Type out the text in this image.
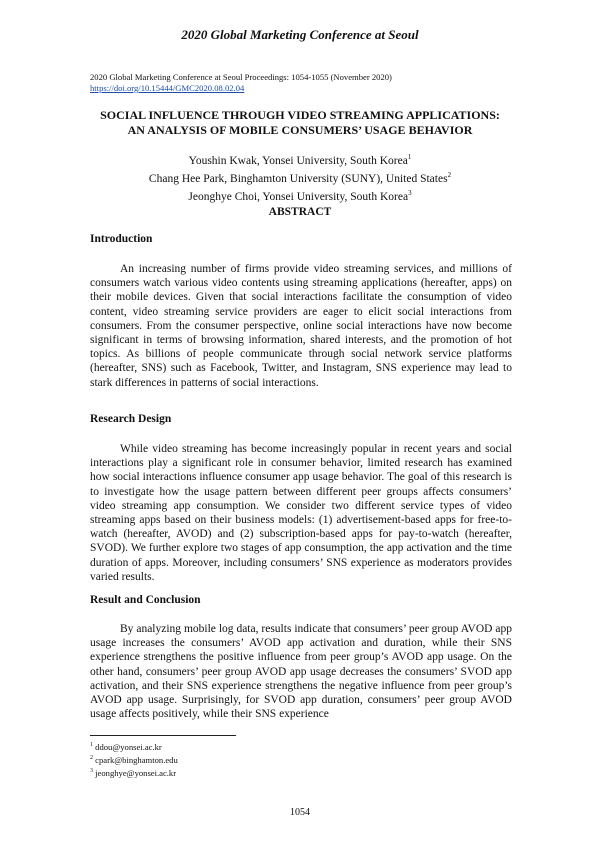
2020 Global Marketing Conference at Seoul
2020 Global Marketing Conference at Seoul Proceedings: 1054-1055 (November 2020)
https://doi.org/10.15444/GMC2020.08.02.04
SOCIAL INFLUENCE THROUGH VIDEO STREAMING APPLICATIONS:
AN ANALYSIS OF MOBILE CONSUMERS’ USAGE BEHAVIOR
Youshin Kwak, Yonsei University, South Korea$^1$
Chang Hee Park, Binghamton University (SUNY), United States$^2$
Jeonghye Choi, Yonsei University, South Korea$^3$
ABSTRACT
Introduction

An increasing number of firms provide video streaming services, and millions of consumers watch various video contents using streaming applications (hereafter, apps) on their mobile devices. Given that social interactions facilitate the consumption of video content, video streaming service providers are eager to elicit social interactions from consumers. From the consumer perspective, online social interactions have now become significant in terms of browsing information, shared interests, and the promotion of hot topics. As billions of people communicate through social network service platforms (hereafter, SNS) such as Facebook, Twitter, and Instagram, SNS experience may lead to stark differences in patterns of social interactions.

Research Design

While video streaming has become increasingly popular in recent years and social interactions play a significant role in consumer behavior, limited research has examined how social interactions influence consumer app usage behavior. The goal of this research is to investigate how the usage pattern between different peer groups affects consumers’ video streaming app consumption. We consider two different service types of video streaming apps based on their business models: (1) advertisement-based apps for free-to-watch (hereafter, AVOD) and (2) subscription-based apps for pay-to-watch (hereafter, SVOD). We further explore two stages of app consumption, the app activation and the time duration of apps. Moreover, including consumers’ SNS experience as moderators provides varied results.

Result and Conclusion

By analyzing mobile log data, results indicate that consumers’ peer group AVOD app usage increases the consumers’ AVOD app activation and duration, while their SNS experience strengthens the positive influence from peer group’s AVOD app usage. On the other hand, consumers’ peer group AVOD app usage decreases the consumers’ SVOD app activation, and their SNS experience strengthens the negative influence from peer group’s AVOD app usage. Surprisingly, for SVOD app duration, consumers’ peer group AVOD usage affects positively, while their SNS experience

$^1$ ddou@yonsei.ac.kr
$^2$ cpark@binghamton.edu
$^3$ jeonghye@yonsei.ac.kr
1054
